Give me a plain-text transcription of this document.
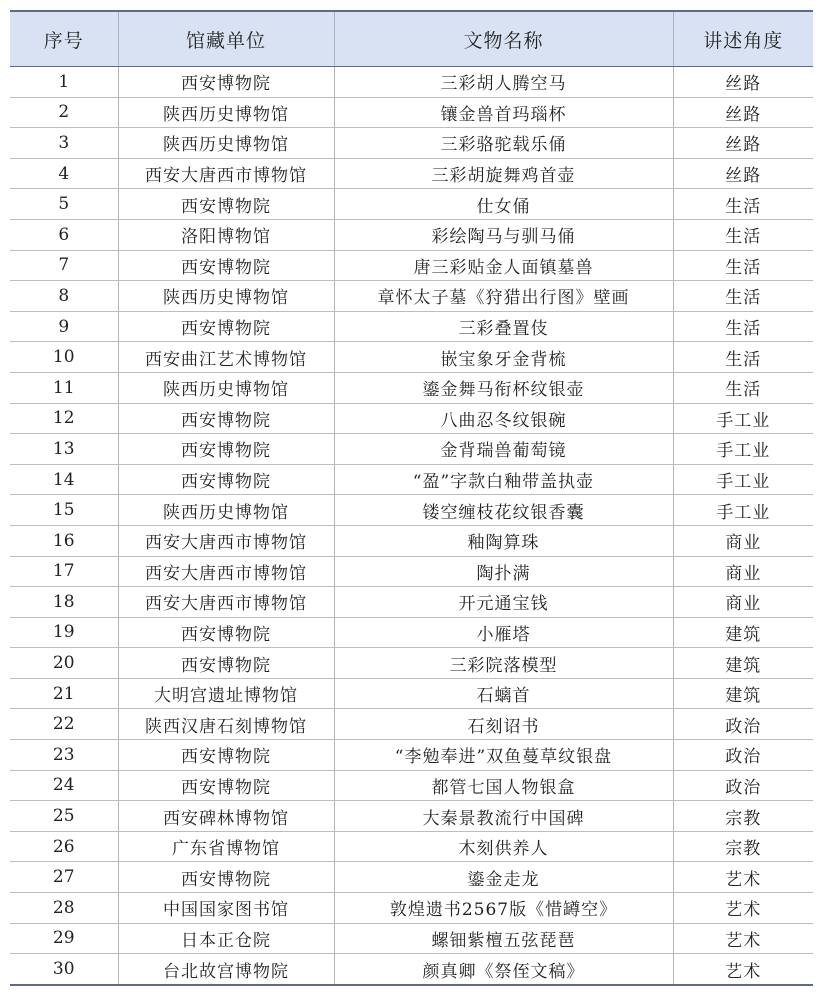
序号	馆藏单位	文物名称	讲述角度
1	西安博物院	三彩胡人腾空马	丝路
2	陕西历史博物馆	镶金兽首玛瑙杯	丝路
3	陕西历史博物馆	三彩骆驼载乐俑	丝路
4	西安大唐西市博物馆	三彩胡旋舞鸡首壶	丝路
5	西安博物院	仕女俑	生活
6	洛阳博物馆	彩绘陶马与驯马俑	生活
7	西安博物院	唐三彩贴金人面镇墓兽	生活
8	陕西历史博物馆	章怀太子墓《狩猎出行图》壁画	生活
9	西安博物院	三彩叠置伎	生活
10	西安曲江艺术博物馆	嵌宝象牙金背梳	生活
11	陕西历史博物馆	鎏金舞马衔杯纹银壶	生活
12	西安博物院	八曲忍冬纹银碗	手工业
13	西安博物院	金背瑞兽葡萄镜	手工业
14	西安博物院	“盈”字款白釉带盖执壶	手工业
15	陕西历史博物馆	镂空缠枝花纹银香囊	手工业
16	西安大唐西市博物馆	釉陶算珠	商业
17	西安大唐西市博物馆	陶扑满	商业
18	西安大唐西市博物馆	开元通宝钱	商业
19	西安博物院	小雁塔	建筑
20	西安博物院	三彩院落模型	建筑
21	大明宫遗址博物馆	石螭首	建筑
22	陕西汉唐石刻博物馆	石刻诏书	政治
23	西安博物院	“李勉奉进”双鱼蔓草纹银盘	政治
24	西安博物院	都管七国人物银盒	政治
25	西安碑林博物馆	大秦景教流行中国碑	宗教
26	广东省博物馆	木刻供养人	宗教
27	西安博物院	鎏金走龙	艺术
28	中国国家图书馆	敦煌遗书2567版《惜罇空》	艺术
29	日本正仓院	螺钿紫檀五弦琵琶	艺术
30	台北故宫博物院	颜真卿《祭侄文稿》	艺术
